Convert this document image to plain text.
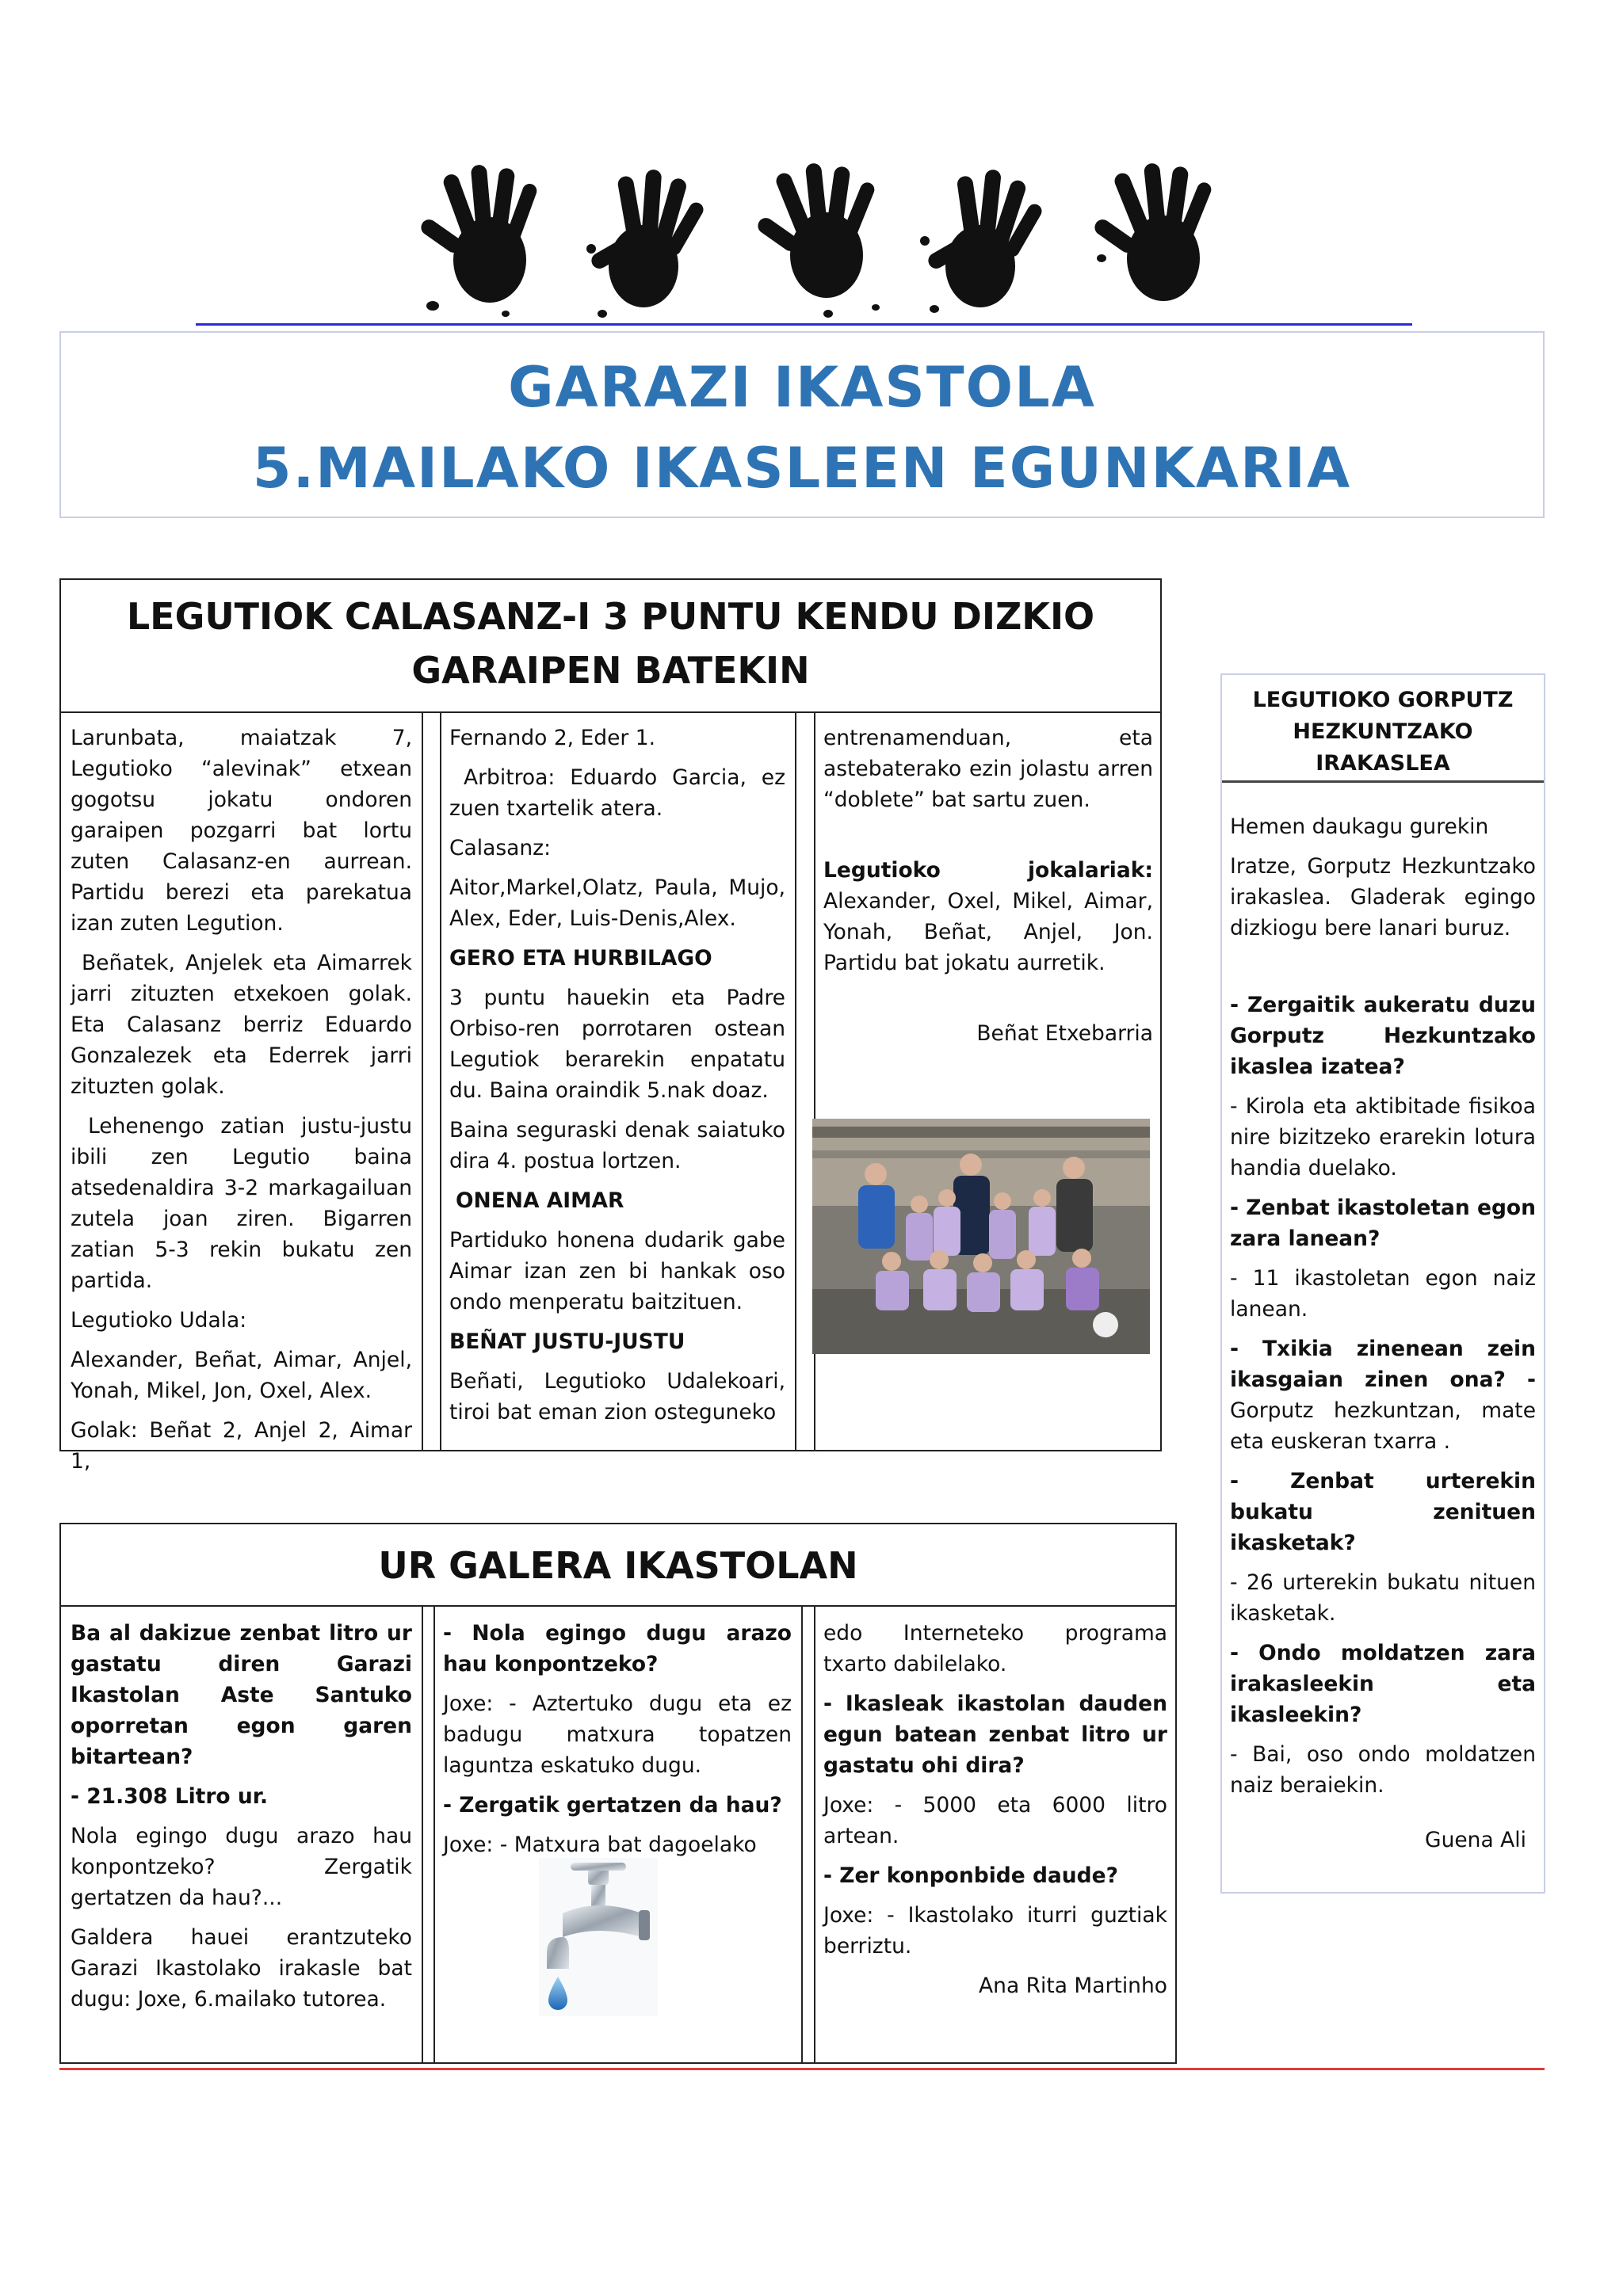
GARAZI IKASTOLA
5.MAILAKO IKASLEEN EGUNKARIA
LEGUTIOK CALASANZ-I 3 PUNTU KENDU DIZKIO
GARAIPEN BATEKIN

Larunbata, maiatzak 7, Legutioko “alevinak” etxean gogotsu jokatu ondoren garaipen pozgarri bat lortu zuten Calasanz-en aurrean. Partidu berezi eta parekatua izan zuten Legution.

Beñatek, Anjelek eta Aimarrek jarri zituzten etxekoen golak. Eta Calasanz berriz Eduardo Gonzalezek eta Ederrek jarri zituzten golak.

Lehenengo zatian justu-justu ibili zen Legutio baina atsedenaldira 3-2 markagailuan zutela joan ziren. Bigarren zatian 5-3 rekin bukatu zen partida.

Legutioko Udala:

Alexander, Beñat, Aimar, Anjel, Yonah, Mikel, Jon, Oxel, Alex.

Golak: Beñat 2, Anjel 2, Aimar 1,

Fernando 2, Eder 1.

Arbitroa: Eduardo Garcia, ez zuen txartelik atera.

Calasanz:

Aitor,Markel,Olatz, Paula, Mujo, Alex, Eder, Luis-Denis,Alex.

GERO ETA HURBILAGO

3 puntu hauekin eta Padre Orbiso-ren porrotaren ostean Legutiok berarekin enpatatu du. Baina oraindik 5.nak doaz.

Baina seguraski denak saiatuko dira 4. postua lortzen.

ONENA AIMAR

Partiduko honena dudarik gabe Aimar izan zen bi hankak oso ondo menperatu baitzituen.

BEÑAT JUSTU-JUSTU

Beñati, Legutioko Udalekoari, tiroi bat eman zion osteguneko

entrenamenduan, eta astebaterako ezin jolastu arren “doblete” bat sartu zuen.

Legutioko jokalariak: Alexander, Oxel, Mikel, Aimar, Yonah, Beñat, Anjel, Jon. Partidu bat jokatu aurretik.

Beñat Etxebarria

UR GALERA IKASTOLAN

Ba al dakizue zenbat litro ur gastatu diren Garazi Ikastolan Aste Santuko oporretan egon garen bitartean?

- 21.308 Litro ur.

Nola egingo dugu arazo hau konpontzeko? Zergatik gertatzen da hau?...

Galdera hauei erantzuteko Garazi Ikastolako irakasle bat dugu: Joxe, 6.mailako tutorea.

- Nola egingo dugu arazo hau konpontzeko?

Joxe: - Aztertuko dugu eta ez badugu matxura topatzen laguntza eskatuko dugu.

- Zergatik gertatzen da hau?

Joxe: - Matxura bat dagoelako

edo Interneteko programa txarto dabilelako.

- Ikasleak ikastolan dauden egun batean zenbat litro ur gastatu ohi dira?

Joxe: - 5000 eta 6000 litro artean.

- Zer konponbide daude?

Joxe: - Ikastolako iturri guztiak berriztu.

Ana Rita Martinho

LEGUTIOKO GORPUTZ
HEZKUNTZAKO
IRAKASLEA

Hemen daukagu gurekin

Iratze, Gorputz Hezkuntzako irakaslea. Gladerak egingo dizkiogu bere lanari buruz.

- Zergaitik aukeratu duzu Gorputz Hezkuntzako ikaslea izatea?

- Kirola eta aktibitade fisikoa nire bizitzeko erarekin lotura handia duelako.

- Zenbat ikastoletan egon zara lanean?

- 11 ikastoletan egon naiz lanean.

- Txikia zinenean zein ikasgaian zinen ona? - Gorputz hezkuntzan, mate eta euskeran txarra .

- Zenbat urterekin bukatu zenituen ikasketak?

- 26 urterekin bukatu nituen ikasketak.

- Ondo moldatzen zara irakasleekin eta ikasleekin?

- Bai, oso ondo moldatzen naiz beraiekin.

Guena Ali
